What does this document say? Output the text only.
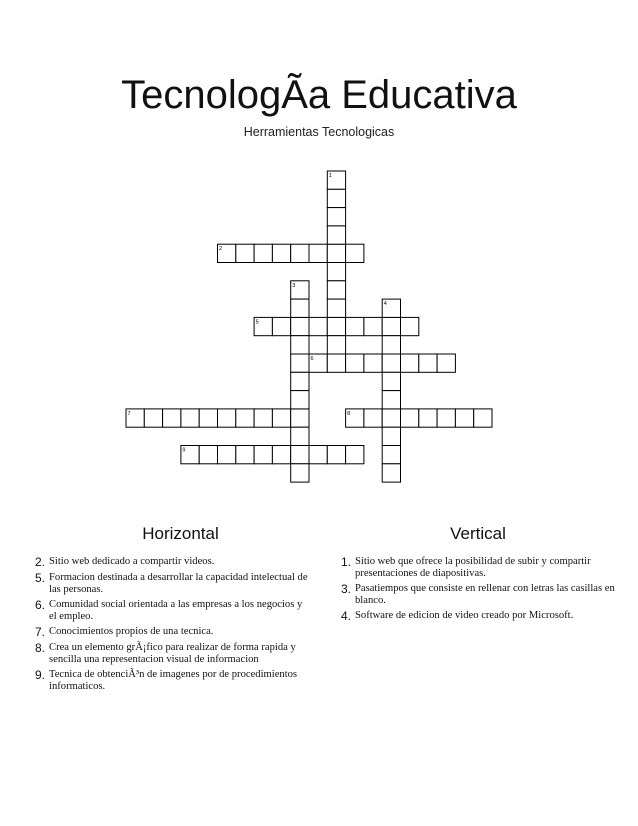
TecnologÃa Educativa
Herramientas Tecnologicas
2
5
6
7	8
9
1
3
4
Horizontal	Vertical
2. Sitio web dedicado a compartir videos.
5. Formacion destinada a desarrollar la capacidad intelectual de las personas.
6. Comunidad social orientada a las empresas a los negocios y el empleo.
7. Conocimientos propios de una tecnica.
8. Crea un elemento grÃ¡fico para realizar de forma rapida y sencilla una representacion visual de informacion
9. Tecnica de obtenciÃ³n de imagenes por de procedimientos informaticos.
1. Sitio web que ofrece la posibilidad de subir y compartir presentaciones de diapositivas.
3. Pasatiempos que consiste en rellenar con letras las casillas en blanco.
4. Software de edicion de video creado por Microsoft.
